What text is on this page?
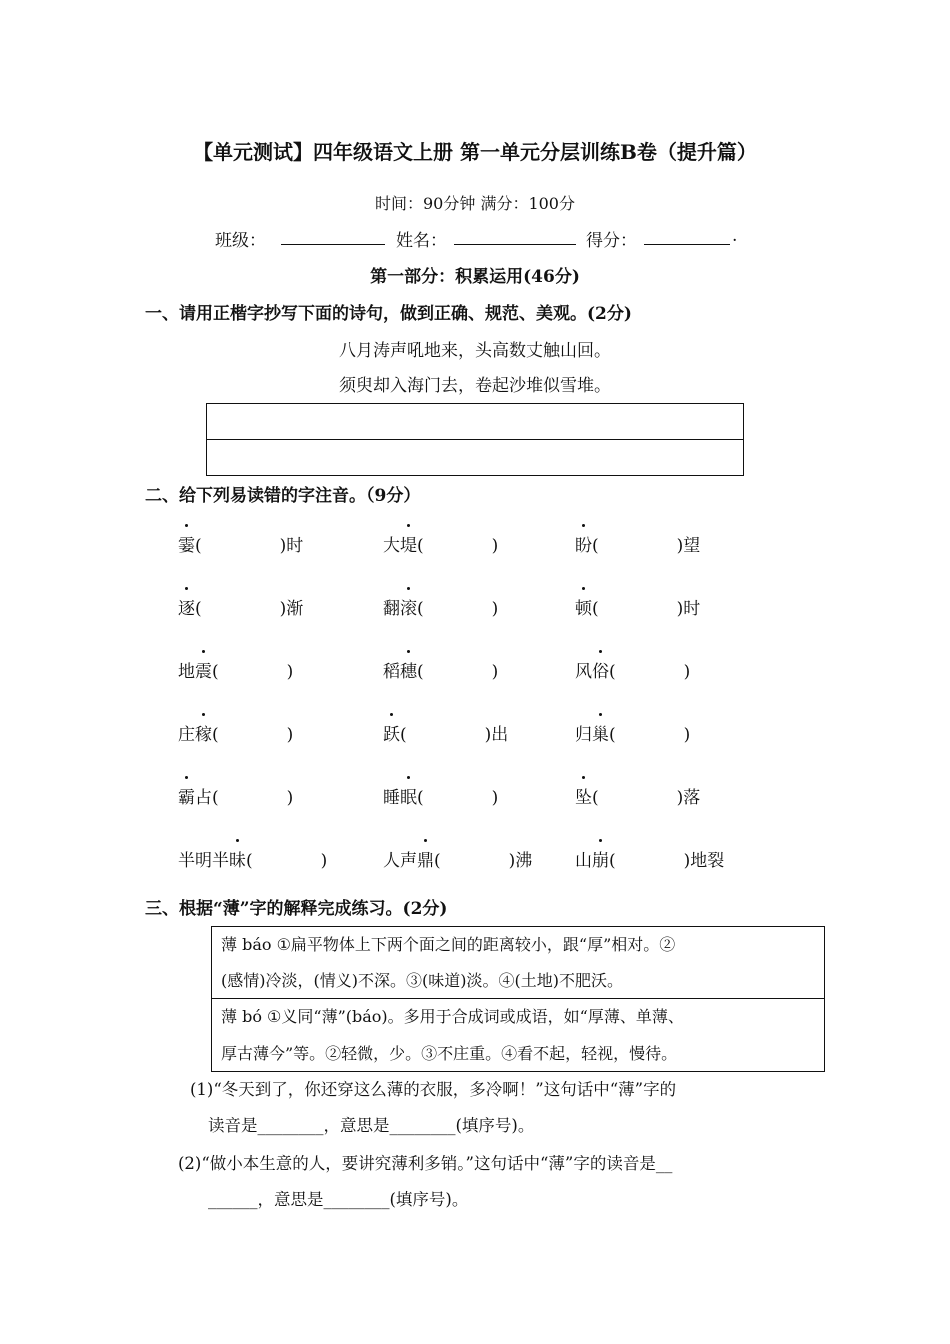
【单元测试】四年级语文上册 第一单元分层训练B卷（提升篇）
时间：90分钟 满分：100分
班级：	姓名：	得分：	.
第一部分：积累运用(46分)
一、请用正楷字抄写下面的诗句，做到正确、规范、美观。(2分)
八月涛声吼地来，头高数丈触山回。
须臾却入海门去，卷起沙堆似雪堆。
二、给下列易读错的字注音。（9分）
霎(	)时	大堤(	)	盼(	)望
逐(	)渐	翻滚(	)	顿(	)时
地震(	)	稻穗(	)	风俗(	)
庄稼(	)	跃(	)出	归巢(	)
霸占(	)	睡眠(	)	坠(	)落
半明半昧(	)	人声鼎(	)沸	山崩(	)地裂
三、根据“薄”字的解释完成练习。(2分)
薄 báo ①扁平物体上下两个面之间的距离较小，跟“厚”相对。②
(感情)冷淡，(情义)不深。③(味道)淡。④(土地)不肥沃。
薄 bó ①义同“薄”(báo)。多用于合成词或成语，如“厚薄、单薄、
厚古薄今”等。②轻微，少。③不庄重。④看不起，轻视，慢待。
(1)“冬天到了，你还穿这么薄的衣服，多冷啊！”这句话中“薄”字的
读音是________，意思是________(填序号)。
(2)“做小本生意的人，要讲究薄利多销。”这句话中“薄”字的读音是__
______，意思是________(填序号)。
